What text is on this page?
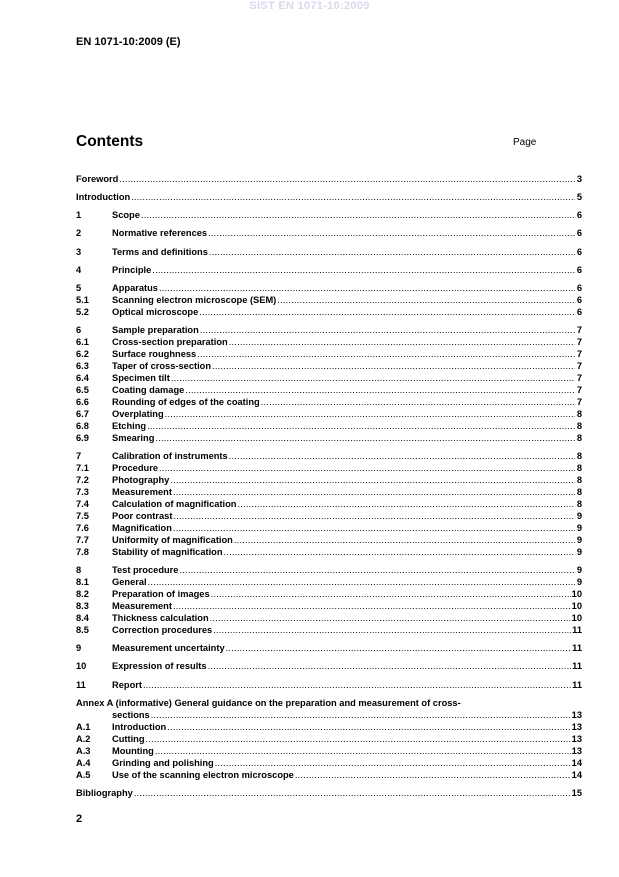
SIST EN 1071-10:2009
EN 1071-10:2009 (E)
Contents	Page
Foreword .....	3
Introduction .....	5
1	Scope .....	6
2	Normative references .....	6
3	Terms and definitions .....	6
4	Principle .....	6
5	Apparatus .....	6
5.1	Scanning electron microscope (SEM) .....	6
5.2	Optical microscope .....	6
6	Sample preparation .....	7
6.1	Cross-section preparation .....	7
6.2	Surface roughness .....	7
6.3	Taper of cross-section .....	7
6.4	Specimen tilt .....	7
6.5	Coating damage .....	7
6.6	Rounding of edges of the coating .....	7
6.7	Overplating .....	8
6.8	Etching .....	8
6.9	Smearing .....	8
7	Calibration of instruments .....	8
7.1	Procedure .....	8
7.2	Photography .....	8
7.3	Measurement .....	8
7.4	Calculation of magnification .....	8
7.5	Poor contrast .....	9
7.6	Magnification .....	9
7.7	Uniformity of magnification .....	9
7.8	Stability of magnification .....	9
8	Test procedure .....	9
8.1	General .....	9
8.2	Preparation of images .....	10
8.3	Measurement .....	10
8.4	Thickness calculation .....	10
8.5	Correction procedures .....	11
9	Measurement uncertainty .....	11
10	Expression of results .....	11
11	Report .....	11
Annex A (informative) General guidance on the preparation and measurement of cross-
sections .....	13
A.1	Introduction .....	13
A.2	Cutting .....	13
A.3	Mounting .....	13
A.4	Grinding and polishing .....	14
A.5	Use of the scanning electron microscope .....	14
Bibliography .....	15
2
